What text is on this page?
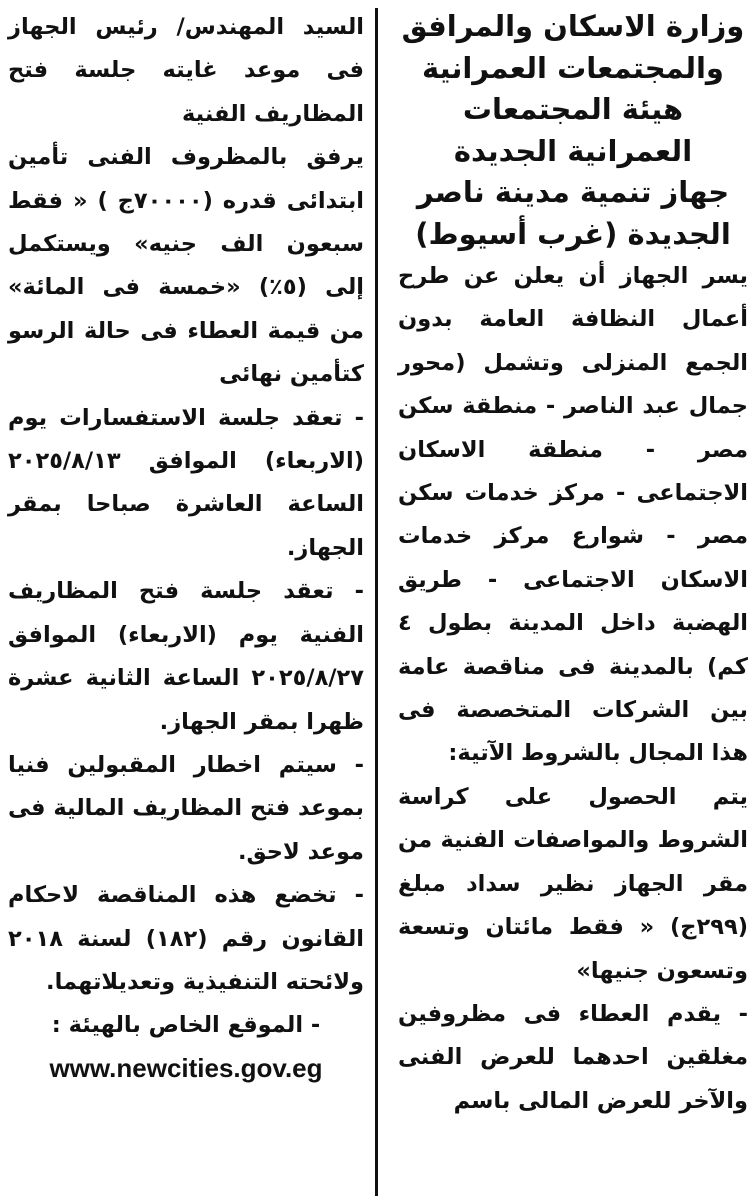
وزارة الاسكان والمرافق

والمجتمعات العمرانية

هيئة المجتمعات

العمرانية الجديدة

جهاز تنمية مدينة ناصر

الجديدة (غرب أسيوط)

يسر الجهاز أن يعلن عن طرح أعمال النظافة العامة بدون الجمع المنزلى وتشمل (محور جمال عبد الناصر - منطقة سكن مصر - منطقة الاسكان الاجتماعى - مركز خدمات سكن مصر - شوارع مركز خدمات الاسكان الاجتماعى - طريق الهضبة داخل المدينة بطول ٤ كم) بالمدينة فى مناقصة عامة بين الشركات المتخصصة فى هذا المجال بالشروط الآتية:

يتم الحصول على كراسة الشروط والمواصفات الفنية من مقر الجهاز نظير سداد مبلغ (٢٩٩ج) « فقط مائتان وتسعة وتسعون جنيها»

- يقدم العطاء فى مظروفين مغلقين احدهما للعرض الفنى والآخر للعرض المالى باسم

السيد المهندس/ رئيس الجهاز فى موعد غايته جلسة فتح المظاريف الفنية

يرفق بالمظروف الفنى تأمين ابتدائى قدره (٧٠٠٠٠ج ) « فقط سبعون الف جنيه» ويستكمل إلى (٥٪) «خمسة فى المائة» من قيمة العطاء فى حالة الرسو كتأمين نهائى

- تعقد جلسة الاستفسارات يوم (الاربعاء) الموافق ٢٠٢٥/٨/١٣ الساعة العاشرة صباحا بمقر الجهاز.

- تعقد جلسة فتح المظاريف الفنية يوم (الاربعاء) الموافق ٢٠٢٥/٨/٢٧ الساعة الثانية عشرة ظهرا بمقر الجهاز.

- سيتم اخطار المقبولين فنيا بموعد فتح المظاريف المالية فى موعد لاحق.

- تخضع هذه المناقصة لاحكام القانون رقم (١٨٢) لسنة ٢٠١٨ ولائحته التنفيذية وتعديلاتهما.

- الموقع الخاص بالهيئة :

www.newcities.gov.eg
